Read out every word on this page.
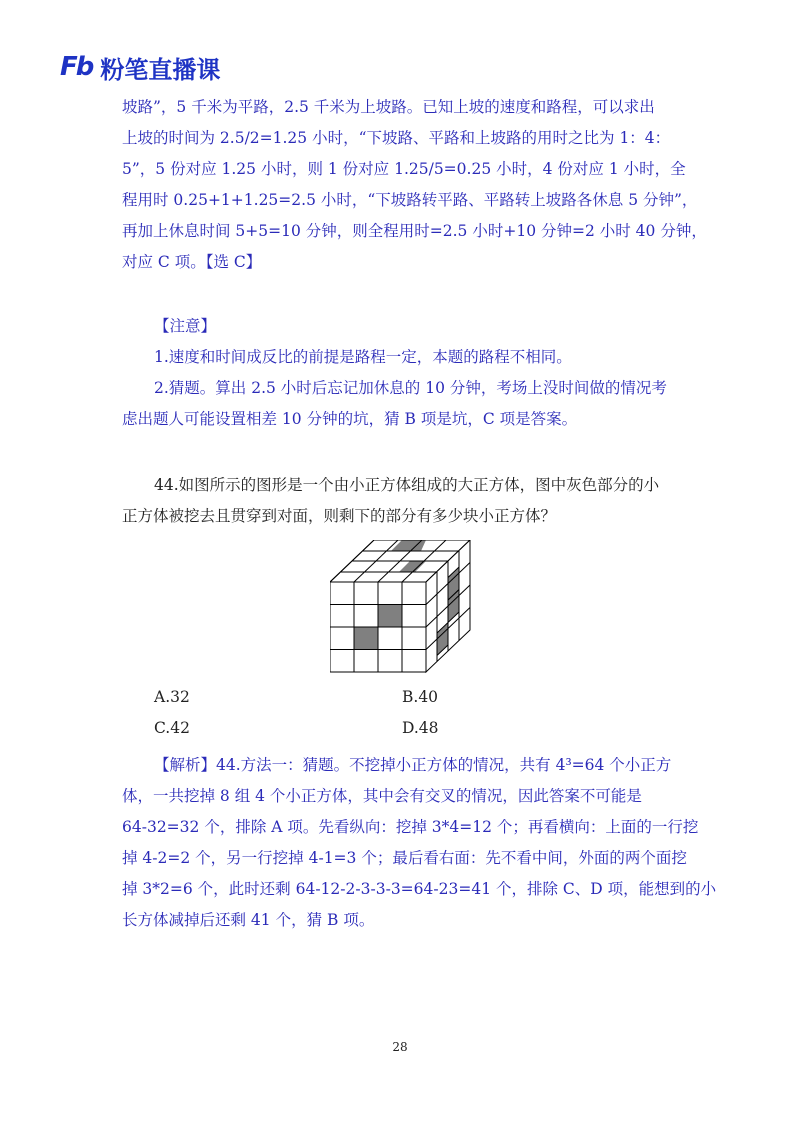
Fb 粉笔直播课
坡路”，5 千米为平路，2.5 千米为上坡路。已知上坡的速度和路程，可以求出
上坡的时间为 2.5/2=1.25 小时，“下坡路、平路和上坡路的用时之比为 1：4：
5”，5 份对应 1.25 小时，则 1 份对应 1.25/5=0.25 小时，4 份对应 1 小时，全
程用时 0.25+1+1.25=2.5 小时，“下坡路转平路、平路转上坡路各休息 5 分钟”，
再加上休息时间 5+5=10 分钟，则全程用时=2.5 小时+10 分钟=2 小时 40 分钟，
对应 C 项。【选 C】
【注意】
1.速度和时间成反比的前提是路程一定，本题的路程不相同。
2.猜题。算出 2.5 小时后忘记加休息的 10 分钟，考场上没时间做的情况考
虑出题人可能设置相差 10 分钟的坑，猜 B 项是坑，C 项是答案。
44.如图所示的图形是一个由小正方体组成的大正方体，图中灰色部分的小
正方体被挖去且贯穿到对面，则剩下的部分有多少块小正方体？
A.32	B.40
C.42	D.48
【解析】44.方法一：猜题。不挖掉小正方体的情况，共有 4³=64 个小正方
体，一共挖掉 8 组 4 个小正方体，其中会有交叉的情况，因此答案不可能是
64-32=32 个，排除 A 项。先看纵向：挖掉 3*4=12 个；再看横向：上面的一行挖
掉 4-2=2 个，另一行挖掉 4-1=3 个；最后看右面：先不看中间，外面的两个面挖
掉 3*2=6 个，此时还剩 64-12-2-3-3-3=64-23=41 个，排除 C、D 项，能想到的小
长方体减掉后还剩 41 个，猜 B 项。
28
